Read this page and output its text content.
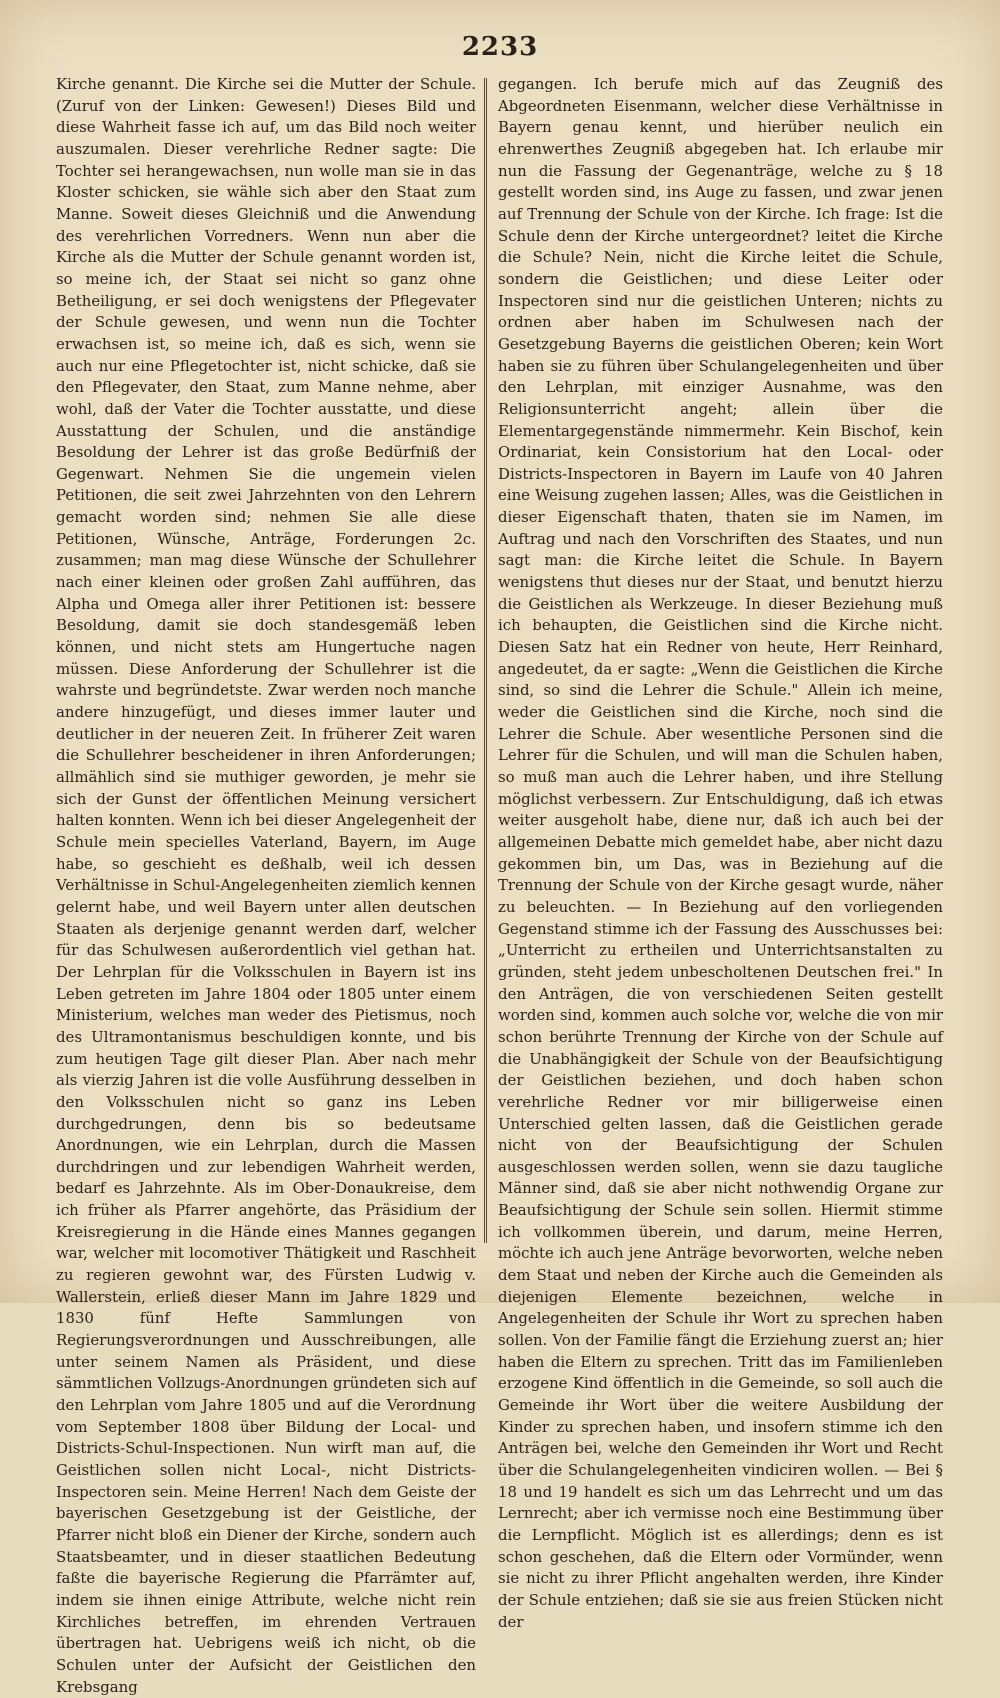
2233

Kirche genannt. Die Kirche sei die Mutter der Schule. (Zuruf von der Linken: Gewesen!) Dieses Bild und diese Wahrheit fasse ich auf, um das Bild noch weiter auszumalen. Dieser verehrliche Redner sagte: Die Tochter sei herangewachsen, nun wolle man sie in das Kloster schicken, sie wähle sich aber den Staat zum Manne. Soweit dieses Gleichniß und die Anwendung des verehrlichen Vorredners. Wenn nun aber die Kirche als die Mutter der Schule genannt worden ist, so meine ich, der Staat sei nicht so ganz ohne Betheiligung, er sei doch wenigstens der Pflegevater der Schule gewesen, und wenn nun die Tochter erwachsen ist, so meine ich, daß es sich, wenn sie auch nur eine Pflegetochter ist, nicht schicke, daß sie den Pflegevater, den Staat, zum Manne nehme, aber wohl, daß der Vater die Tochter ausstatte, und diese Ausstattung der Schulen, und die anständige Besoldung der Lehrer ist das große Bedürfniß der Gegenwart. Nehmen Sie die ungemein vielen Petitionen, die seit zwei Jahrzehnten von den Lehrern gemacht worden sind; nehmen Sie alle diese Petitionen, Wünsche, Anträge, Forderungen 2c. zusammen; man mag diese Wünsche der Schullehrer nach einer kleinen oder großen Zahl aufführen, das Alpha und Omega aller ihrer Petitionen ist: bessere Besoldung, damit sie doch standesgemäß leben können, und nicht stets am Hungertuche nagen müssen. Diese Anforderung der Schullehrer ist die wahrste und begründetste. Zwar werden noch manche andere hinzugefügt, und dieses immer lauter und deutlicher in der neueren Zeit. In früherer Zeit waren die Schullehrer bescheidener in ihren Anforderungen; allmählich sind sie muthiger geworden, je mehr sie sich der Gunst der öffentlichen Meinung versichert halten konnten. Wenn ich bei dieser Angelegenheit der Schule mein specielles Vaterland, Bayern, im Auge habe, so geschieht es deßhalb, weil ich dessen Verhältnisse in Schul-Angelegenheiten ziemlich kennen gelernt habe, und weil Bayern unter allen deutschen Staaten als derjenige genannt werden darf, welcher für das Schulwesen außerordentlich viel gethan hat. Der Lehrplan für die Volksschulen in Bayern ist ins Leben getreten im Jahre 1804 oder 1805 unter einem Ministerium, welches man weder des Pietismus, noch des Ultramontanismus beschuldigen konnte, und bis zum heutigen Tage gilt dieser Plan. Aber nach mehr als vierzig Jahren ist die volle Ausführung desselben in den Volksschulen nicht so ganz ins Leben durchgedrungen, denn bis so bedeutsame Anordnungen, wie ein Lehrplan, durch die Massen durchdringen und zur lebendigen Wahrheit werden, bedarf es Jahrzehnte. Als im Ober-Donaukreise, dem ich früher als Pfarrer angehörte, das Präsidium der Kreisregierung in die Hände eines Mannes gegangen war, welcher mit locomotiver Thätigkeit und Raschheit zu regieren gewohnt war, des Fürsten Ludwig v. Wallerstein, erließ dieser Mann im Jahre 1829 und 1830 fünf Hefte Sammlungen von Regierungsverordnungen und Ausschreibungen, alle unter seinem Namen als Präsident, und diese sämmtlichen Vollzugs-Anordnungen gründeten sich auf den Lehrplan vom Jahre 1805 und auf die Verordnung vom September 1808 über Bildung der Local- und Districts-Schul-Inspectionen. Nun wirft man auf, die Geistlichen sollen nicht Local-, nicht Districts-Inspectoren sein. Meine Herren! Nach dem Geiste der bayerischen Gesetzgebung ist der Geistliche, der Pfarrer nicht bloß ein Diener der Kirche, sondern auch Staatsbeamter, und in dieser staatlichen Bedeutung faßte die bayerische Regierung die Pfarrämter auf, indem sie ihnen einige Attribute, welche nicht rein Kirchliches betreffen, im ehrenden Vertrauen übertragen hat. Uebrigens weiß ich nicht, ob die Schulen unter der Aufsicht der Geistlichen den Krebsgang

gegangen. Ich berufe mich auf das Zeugniß des Abgeordneten Eisenmann, welcher diese Verhältnisse in Bayern genau kennt, und hierüber neulich ein ehrenwerthes Zeugniß abgegeben hat. Ich erlaube mir nun die Fassung der Gegenanträge, welche zu § 18 gestellt worden sind, ins Auge zu fassen, und zwar jenen auf Trennung der Schule von der Kirche. Ich frage: Ist die Schule denn der Kirche untergeordnet? leitet die Kirche die Schule? Nein, nicht die Kirche leitet die Schule, sondern die Geistlichen; und diese Leiter oder Inspectoren sind nur die geistlichen Unteren; nichts zu ordnen aber haben im Schulwesen nach der Gesetzgebung Bayerns die geistlichen Oberen; kein Wort haben sie zu führen über Schulangelegenheiten und über den Lehrplan, mit einziger Ausnahme, was den Religionsunterricht angeht; allein über die Elementargegenstände nimmermehr. Kein Bischof, kein Ordinariat, kein Consistorium hat den Local- oder Districts-Inspectoren in Bayern im Laufe von 40 Jahren eine Weisung zugehen lassen; Alles, was die Geistlichen in dieser Eigenschaft thaten, thaten sie im Namen, im Auftrag und nach den Vorschriften des Staates, und nun sagt man: die Kirche leitet die Schule. In Bayern wenigstens thut dieses nur der Staat, und benutzt hierzu die Geistlichen als Werkzeuge. In dieser Beziehung muß ich behaupten, die Geistlichen sind die Kirche nicht. Diesen Satz hat ein Redner von heute, Herr Reinhard, angedeutet, da er sagte: „Wenn die Geistlichen die Kirche sind, so sind die Lehrer die Schule." Allein ich meine, weder die Geistlichen sind die Kirche, noch sind die Lehrer die Schule. Aber wesentliche Personen sind die Lehrer für die Schulen, und will man die Schulen haben, so muß man auch die Lehrer haben, und ihre Stellung möglichst verbessern. Zur Entschuldigung, daß ich etwas weiter ausgeholt habe, diene nur, daß ich auch bei der allgemeinen Debatte mich gemeldet habe, aber nicht dazu gekommen bin, um Das, was in Beziehung auf die Trennung der Schule von der Kirche gesagt wurde, näher zu beleuchten. — In Beziehung auf den vorliegenden Gegenstand stimme ich der Fassung des Ausschusses bei: „Unterricht zu ertheilen und Unterrichtsanstalten zu gründen, steht jedem unbescholtenen Deutschen frei." In den Anträgen, die von verschiedenen Seiten gestellt worden sind, kommen auch solche vor, welche die von mir schon berührte Trennung der Kirche von der Schule auf die Unabhängigkeit der Schule von der Beaufsichtigung der Geistlichen beziehen, und doch haben schon verehrliche Redner vor mir billigerweise einen Unterschied gelten lassen, daß die Geistlichen gerade nicht von der Beaufsichtigung der Schulen ausgeschlossen werden sollen, wenn sie dazu taugliche Männer sind, daß sie aber nicht nothwendig Organe zur Beaufsichtigung der Schule sein sollen. Hiermit stimme ich vollkommen überein, und darum, meine Herren, möchte ich auch jene Anträge bevorworten, welche neben dem Staat und neben der Kirche auch die Gemeinden als diejenigen Elemente bezeichnen, welche in Angelegenheiten der Schule ihr Wort zu sprechen haben sollen. Von der Familie fängt die Erziehung zuerst an; hier haben die Eltern zu sprechen. Tritt das im Familienleben erzogene Kind öffentlich in die Gemeinde, so soll auch die Gemeinde ihr Wort über die weitere Ausbildung der Kinder zu sprechen haben, und insofern stimme ich den Anträgen bei, welche den Gemeinden ihr Wort und Recht über die Schulangelegenheiten vindiciren wollen. — Bei § 18 und 19 handelt es sich um das Lehrrecht und um das Lernrecht; aber ich vermisse noch eine Bestimmung über die Lernpflicht. Möglich ist es allerdings; denn es ist schon geschehen, daß die Eltern oder Vormünder, wenn sie nicht zu ihrer Pflicht angehalten werden, ihre Kinder der Schule entziehen; daß sie sie aus freien Stücken nicht der
